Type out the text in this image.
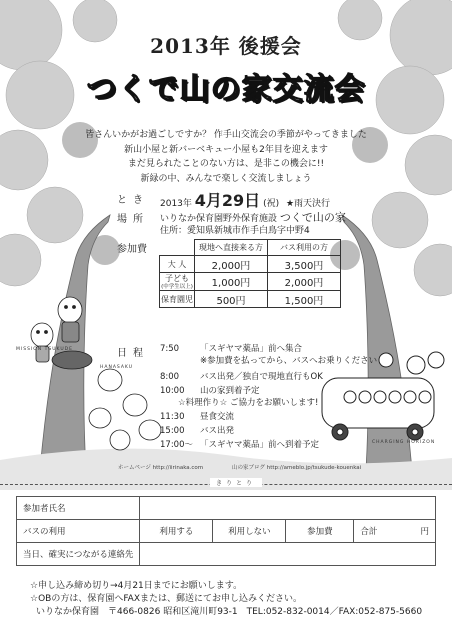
MISSION TSUKUDE
HANASAKU
CHARGING HORIZON
2013年 後援会
つくで山の家交流会
皆さんいかがお過ごしですか？ 作手山交流会の季節がやってきました
新山小屋と新バーベキュー小屋も2年目を迎えます
まだ見られたことのない方は、是非この機会に!!
新緑の中、みんなで楽しく交流しましょう
とき 2013年 4月29日 (祝) ★雨天決行
場所 いりなか保育園野外保育施設 つくで山の家
住所：愛知県新城市作手白鳥字中野4
参加費
		現地へ直接来る方	バス利用の方
大 人	2,000円	3,500円
子ども
(中学生以上)	1,000円	2,000円
保育園児	500円	1,500円
日程 7:50 「スギヤマ薬品」前へ集合
※参加費を払ってから、バスへお乗りください
8:00 バス出発／独自で現地直行もOK
10:00 山の家到着予定
☆料理作り☆ ご協力をお願いします!
11:30 昼食交流
15:00 バス出発
17:00～ 「スギヤマ薬品」前へ到着予定
ホームページ http://iirinaka.com	山の家ブログ http://ameblo.jp/tsukude-kouenkai
きりとり
参加者氏名				
バスの利用	利用する	利用しない	参加費	合計 円

当日、確実につながる連絡先				
☆申し込み締め切り→4月21日までにお願いします。
☆OBの方は、保育園へFAXまたは、郵送にてお申し込みください。
いりなか保育園　〒466-0826 昭和区滝川町93-1　TEL:052-832-0014／FAX:052-875-5660
